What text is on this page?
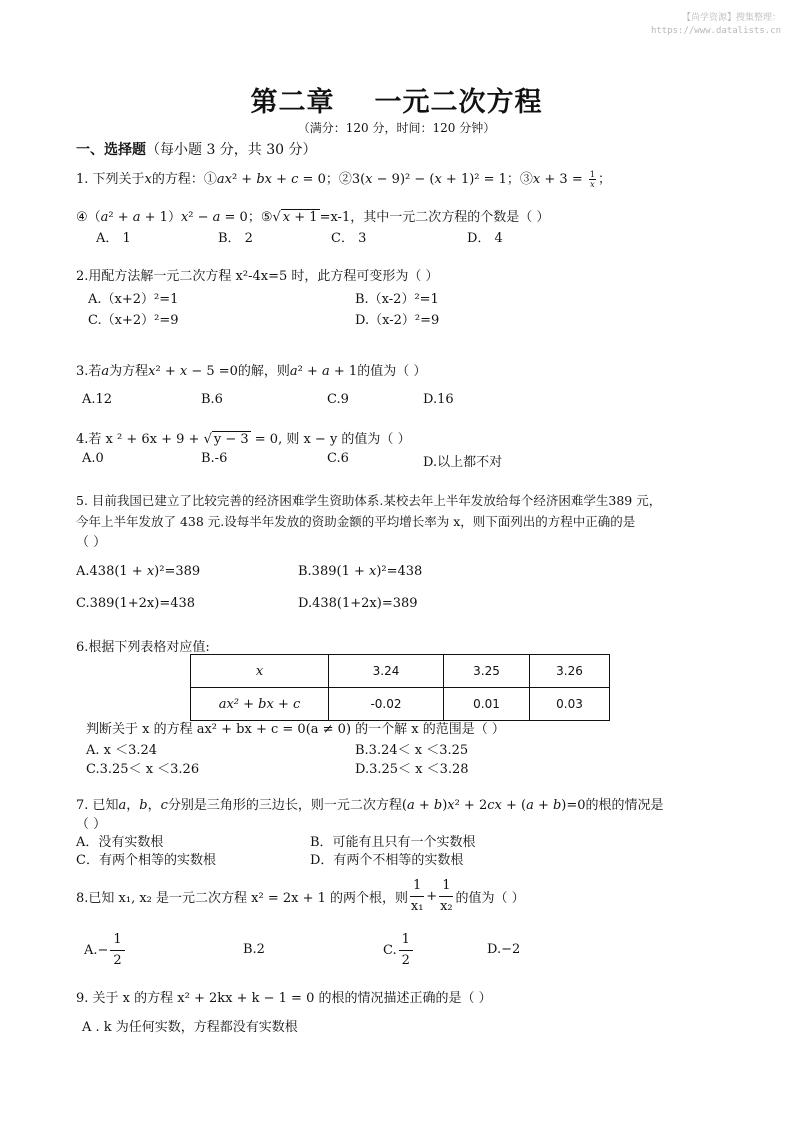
【尚学资源】搜集整理：
https://www.datalists.cn
第二章 一元二次方程
（满分：120 分，时间：120 分钟）
一、选择题（每小题 3 分，共 30 分）
1. 下列关于𝑥的方程：①𝑎𝑥² + 𝑏𝑥 + 𝑐 = 0；②3(𝑥 − 9)² − (𝑥 + 1)² = 1；③𝑥 + $3 = \frac{1}{\text{𝑥}}$ ；
④（𝑎² + 𝑎 + 1）𝑥² − 𝑎 = 0；⑤√ 𝑥 + 1 =x-1，其中一元二次方程的个数是（ ）
A． 1	B． 2	C． 3	D． 4
2.用配方法解一元二次方程 x²-4x=5 时，此方程可变形为（ ）
A.（x+2）²=1	B.（x-2）²=1
C.（x+2）²=9	D.（x-2）²=9
3.若𝑎为方程𝑥² + 𝑥 − 5 =0的解，则𝑎² + 𝑎 + 1的值为（ ）
A.12	B.6	C.9	D.16
4.若 x ² + 6x + 9 + √ y − 3 = 0, 则 x − y 的值为（ ）
A.0	B.-6	C.6	D.以上都不对
5. 目前我国已建立了比较完善的经济困难学生资助体系.某校去年上半年发放给每个经济困难学生389 元，
今年上半年发放了 438 元.设每半年发放的资助金额的平均增长率为 x，则下面列出的方程中正确的是
（ ）
A.438(1 + 𝑥)²=389	B.389(1 + 𝑥)²=438
C.389(1+2x)=438	D.438(1+2x)=389
6.根据下列表格对应值:
x	3.24	3.25	3.26
ax² + bx + c	-0.02	0.01	0.03
判断关于 x 的方程 ax² + bx + c = 0(a ≠ 0) 的一个解 x 的范围是（ ）
A. x ＜3.24	B.3.24＜ x ＜3.25
C.3.25＜ x ＜3.26	D.3.25＜ x ＜3.28
7. 已知𝑎，𝑏，𝑐分别是三角形的三边长，则一元二次方程(𝑎 + 𝑏)𝑥² + 2𝑐𝑥 + (𝑎 + 𝑏)=0的根的情况是
（ ）
A．没有实数根	B．可能有且只有一个实数根
C．有两个相等的实数根	D．有两个不相等的实数根
8.已知 x₁, x₂ 是一元二次方程 x² = 2x + 1 的两个根，则 $\frac{1}{\text{x₁}} + \frac{1}{\text{x₂}}$ 的值为（ ）
$A.- \frac{1}{2}$	B.2	C. $\frac{1}{2}$	D.−2
9. 关于 x 的方程 x² + 2kx + k − 1 = 0 的根的情况描述正确的是（ ）
A . k 为任何实数，方程都没有实数根
